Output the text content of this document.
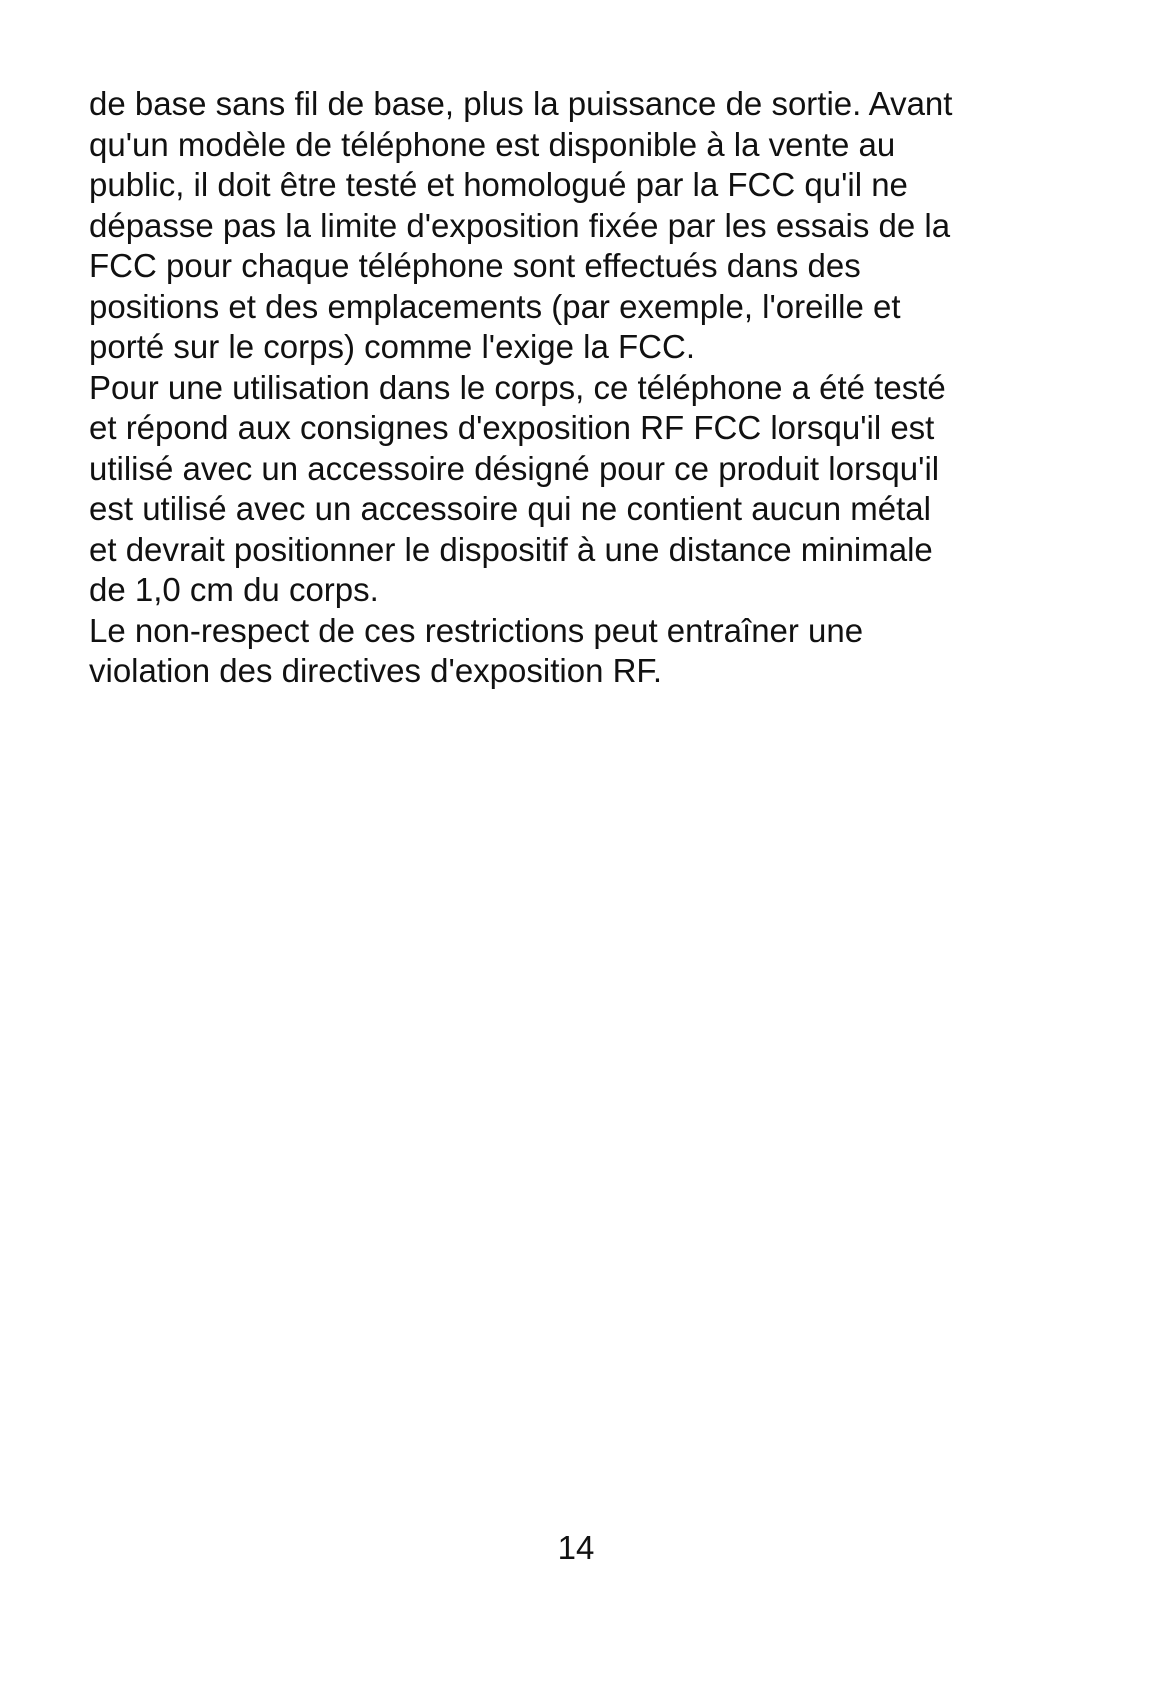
de base sans fil de base, plus la puissance de sortie. Avant
qu'un modèle de téléphone est disponible à la vente au
public, il doit être testé et homologué par la FCC qu'il ne
dépasse pas la limite d'exposition fixée par les essais de la
FCC pour chaque téléphone sont effectués dans des
positions et des emplacements (par exemple, l'oreille et
porté sur le corps) comme l'exige la FCC.
Pour une utilisation dans le corps, ce téléphone a été testé
et répond aux consignes d'exposition RF FCC lorsqu'il est
utilisé avec un accessoire désigné pour ce produit lorsqu'il
est utilisé avec un accessoire qui ne contient aucun métal
et devrait positionner le dispositif à une distance minimale
de 1,0 cm du corps.
Le non-respect de ces restrictions peut entraîner une
violation des directives d'exposition RF.
14
